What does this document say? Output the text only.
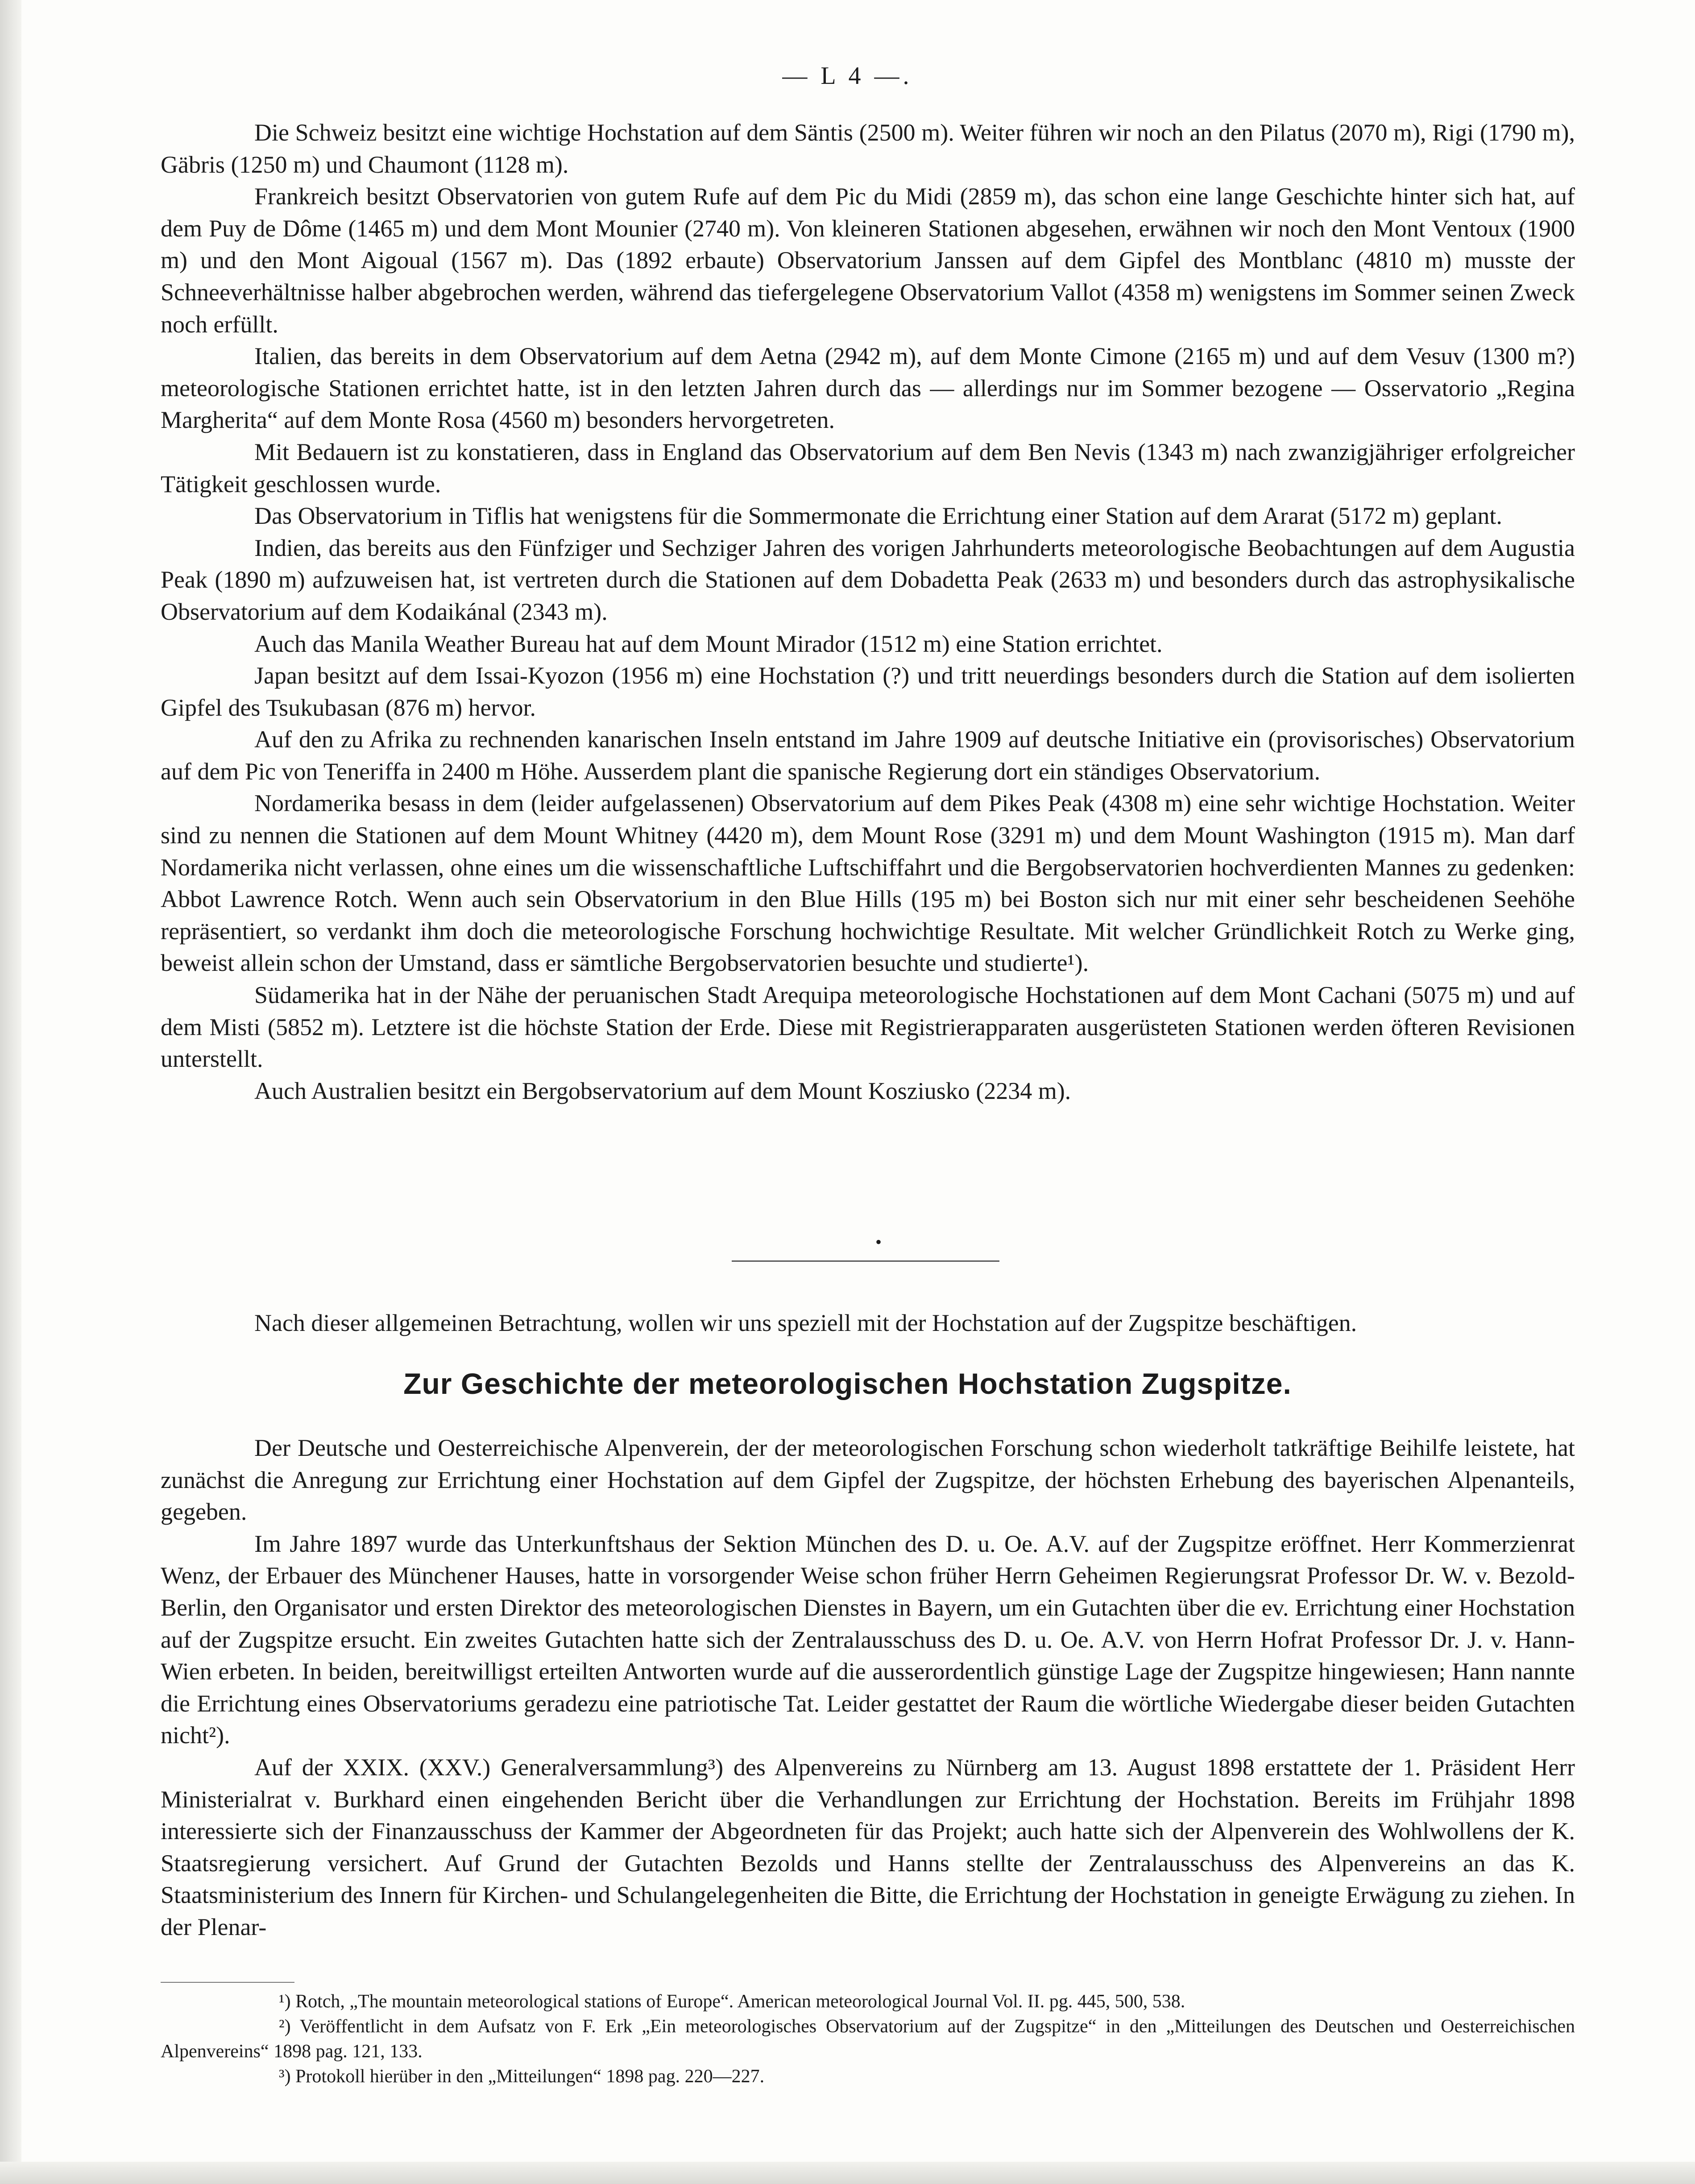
— L 4 —.

Die Schweiz besitzt eine wichtige Hochstation auf dem Säntis (2500 m). Weiter führen wir noch an den Pilatus (2070 m), Rigi (1790 m), Gäbris (1250 m) und Chaumont (1128 m).

Frankreich besitzt Observatorien von gutem Rufe auf dem Pic du Midi (2859 m), das schon eine lange Geschichte hinter sich hat, auf dem Puy de Dôme (1465 m) und dem Mont Mounier (2740 m). Von kleineren Stationen abgesehen, erwähnen wir noch den Mont Ventoux (1900 m) und den Mont Aigoual (1567 m). Das (1892 erbaute) Observatorium Janssen auf dem Gipfel des Montblanc (4810 m) musste der Schneeverhältnisse halber abgebrochen werden, während das tiefergelegene Observatorium Vallot (4358 m) wenigstens im Sommer seinen Zweck noch erfüllt.

Italien, das bereits in dem Observatorium auf dem Aetna (2942 m), auf dem Monte Cimone (2165 m) und auf dem Vesuv (1300 m?) meteorologische Stationen errichtet hatte, ist in den letzten Jahren durch das — allerdings nur im Sommer bezogene — Osservatorio „Regina Margherita“ auf dem Monte Rosa (4560 m) besonders hervorgetreten.

Mit Bedauern ist zu konstatieren, dass in England das Observatorium auf dem Ben Nevis (1343 m) nach zwanzigjähriger erfolgreicher Tätigkeit geschlossen wurde.

Das Observatorium in Tiflis hat wenigstens für die Sommermonate die Errichtung einer Station auf dem Ararat (5172 m) geplant.

Indien, das bereits aus den Fünfziger und Sechziger Jahren des vorigen Jahrhunderts meteorologische Beobachtungen auf dem Augustia Peak (1890 m) aufzuweisen hat, ist vertreten durch die Stationen auf dem Dobadetta Peak (2633 m) und besonders durch das astrophysikalische Observatorium auf dem Kodaikánal (2343 m).

Auch das Manila Weather Bureau hat auf dem Mount Mirador (1512 m) eine Station errichtet.

Japan besitzt auf dem Issai-Kyozon (1956 m) eine Hochstation (?) und tritt neuerdings besonders durch die Station auf dem isolierten Gipfel des Tsukubasan (876 m) hervor.

Auf den zu Afrika zu rechnenden kanarischen Inseln entstand im Jahre 1909 auf deutsche Initiative ein (provisorisches) Observatorium auf dem Pic von Teneriffa in 2400 m Höhe. Ausserdem plant die spanische Regierung dort ein ständiges Observatorium.

Nordamerika besass in dem (leider aufgelassenen) Observatorium auf dem Pikes Peak (4308 m) eine sehr wichtige Hochstation. Weiter sind zu nennen die Stationen auf dem Mount Whitney (4420 m), dem Mount Rose (3291 m) und dem Mount Washington (1915 m). Man darf Nordamerika nicht verlassen, ohne eines um die wissenschaftliche Luftschiffahrt und die Bergobservatorien hochverdienten Mannes zu gedenken: Abbot Lawrence Rotch. Wenn auch sein Observatorium in den Blue Hills (195 m) bei Boston sich nur mit einer sehr bescheidenen Seehöhe repräsentiert, so verdankt ihm doch die meteorologische Forschung hochwichtige Resultate. Mit welcher Gründlichkeit Rotch zu Werke ging, beweist allein schon der Umstand, dass er sämtliche Bergobservatorien besuchte und studierte¹).

Südamerika hat in der Nähe der peruanischen Stadt Arequipa meteorologische Hochstationen auf dem Mont Cachani (5075 m) und auf dem Misti (5852 m). Letztere ist die höchste Station der Erde. Diese mit Registrierapparaten ausgerüsteten Stationen werden öfteren Revisionen unterstellt.

Auch Australien besitzt ein Bergobservatorium auf dem Mount Kosziusko (2234 m).

•

Nach dieser allgemeinen Betrachtung, wollen wir uns speziell mit der Hochstation auf der Zugspitze beschäftigen.

Zur Geschichte der meteorologischen Hochstation Zugspitze.

Der Deutsche und Oesterreichische Alpenverein, der der meteorologischen Forschung schon wiederholt tatkräftige Beihilfe leistete, hat zunächst die Anregung zur Errichtung einer Hochstation auf dem Gipfel der Zugspitze, der höchsten Erhebung des bayerischen Alpenanteils, gegeben.

Im Jahre 1897 wurde das Unterkunftshaus der Sektion München des D. u. Oe. A.V. auf der Zugspitze eröffnet. Herr Kommerzienrat Wenz, der Erbauer des Münchener Hauses, hatte in vorsorgender Weise schon früher Herrn Geheimen Regierungsrat Professor Dr. W. v. Bezold-Berlin, den Organisator und ersten Direktor des meteorologischen Dienstes in Bayern, um ein Gutachten über die ev. Errichtung einer Hochstation auf der Zugspitze ersucht. Ein zweites Gutachten hatte sich der Zentralausschuss des D. u. Oe. A.V. von Herrn Hofrat Professor Dr. J. v. Hann-Wien erbeten. In beiden, bereitwilligst erteilten Antworten wurde auf die ausserordentlich günstige Lage der Zugspitze hingewiesen; Hann nannte die Errichtung eines Observatoriums geradezu eine patriotische Tat. Leider gestattet der Raum die wörtliche Wiedergabe dieser beiden Gutachten nicht²).

Auf der XXIX. (XXV.) Generalversammlung³) des Alpenvereins zu Nürnberg am 13. August 1898 erstattete der 1. Präsident Herr Ministerialrat v. Burkhard einen eingehenden Bericht über die Verhandlungen zur Errichtung der Hochstation. Bereits im Frühjahr 1898 interessierte sich der Finanzausschuss der Kammer der Abgeordneten für das Projekt; auch hatte sich der Alpenverein des Wohlwollens der K. Staatsregierung versichert. Auf Grund der Gutachten Bezolds und Hanns stellte der Zentralausschuss des Alpenvereins an das K. Staatsministerium des Innern für Kirchen- und Schulangelegenheiten die Bitte, die Errichtung der Hochstation in geneigte Erwägung zu ziehen. In der Plenar-

¹) Rotch, „The mountain meteorological stations of Europe“. American meteorological Journal Vol. II. pg. 445, 500, 538.

²) Veröffentlicht in dem Aufsatz von F. Erk „Ein meteorologisches Observatorium auf der Zugspitze“ in den „Mitteilungen des Deutschen und Oesterreichischen Alpenvereins“ 1898 pag. 121, 133.

³) Protokoll hierüber in den „Mitteilungen“ 1898 pag. 220—227.
